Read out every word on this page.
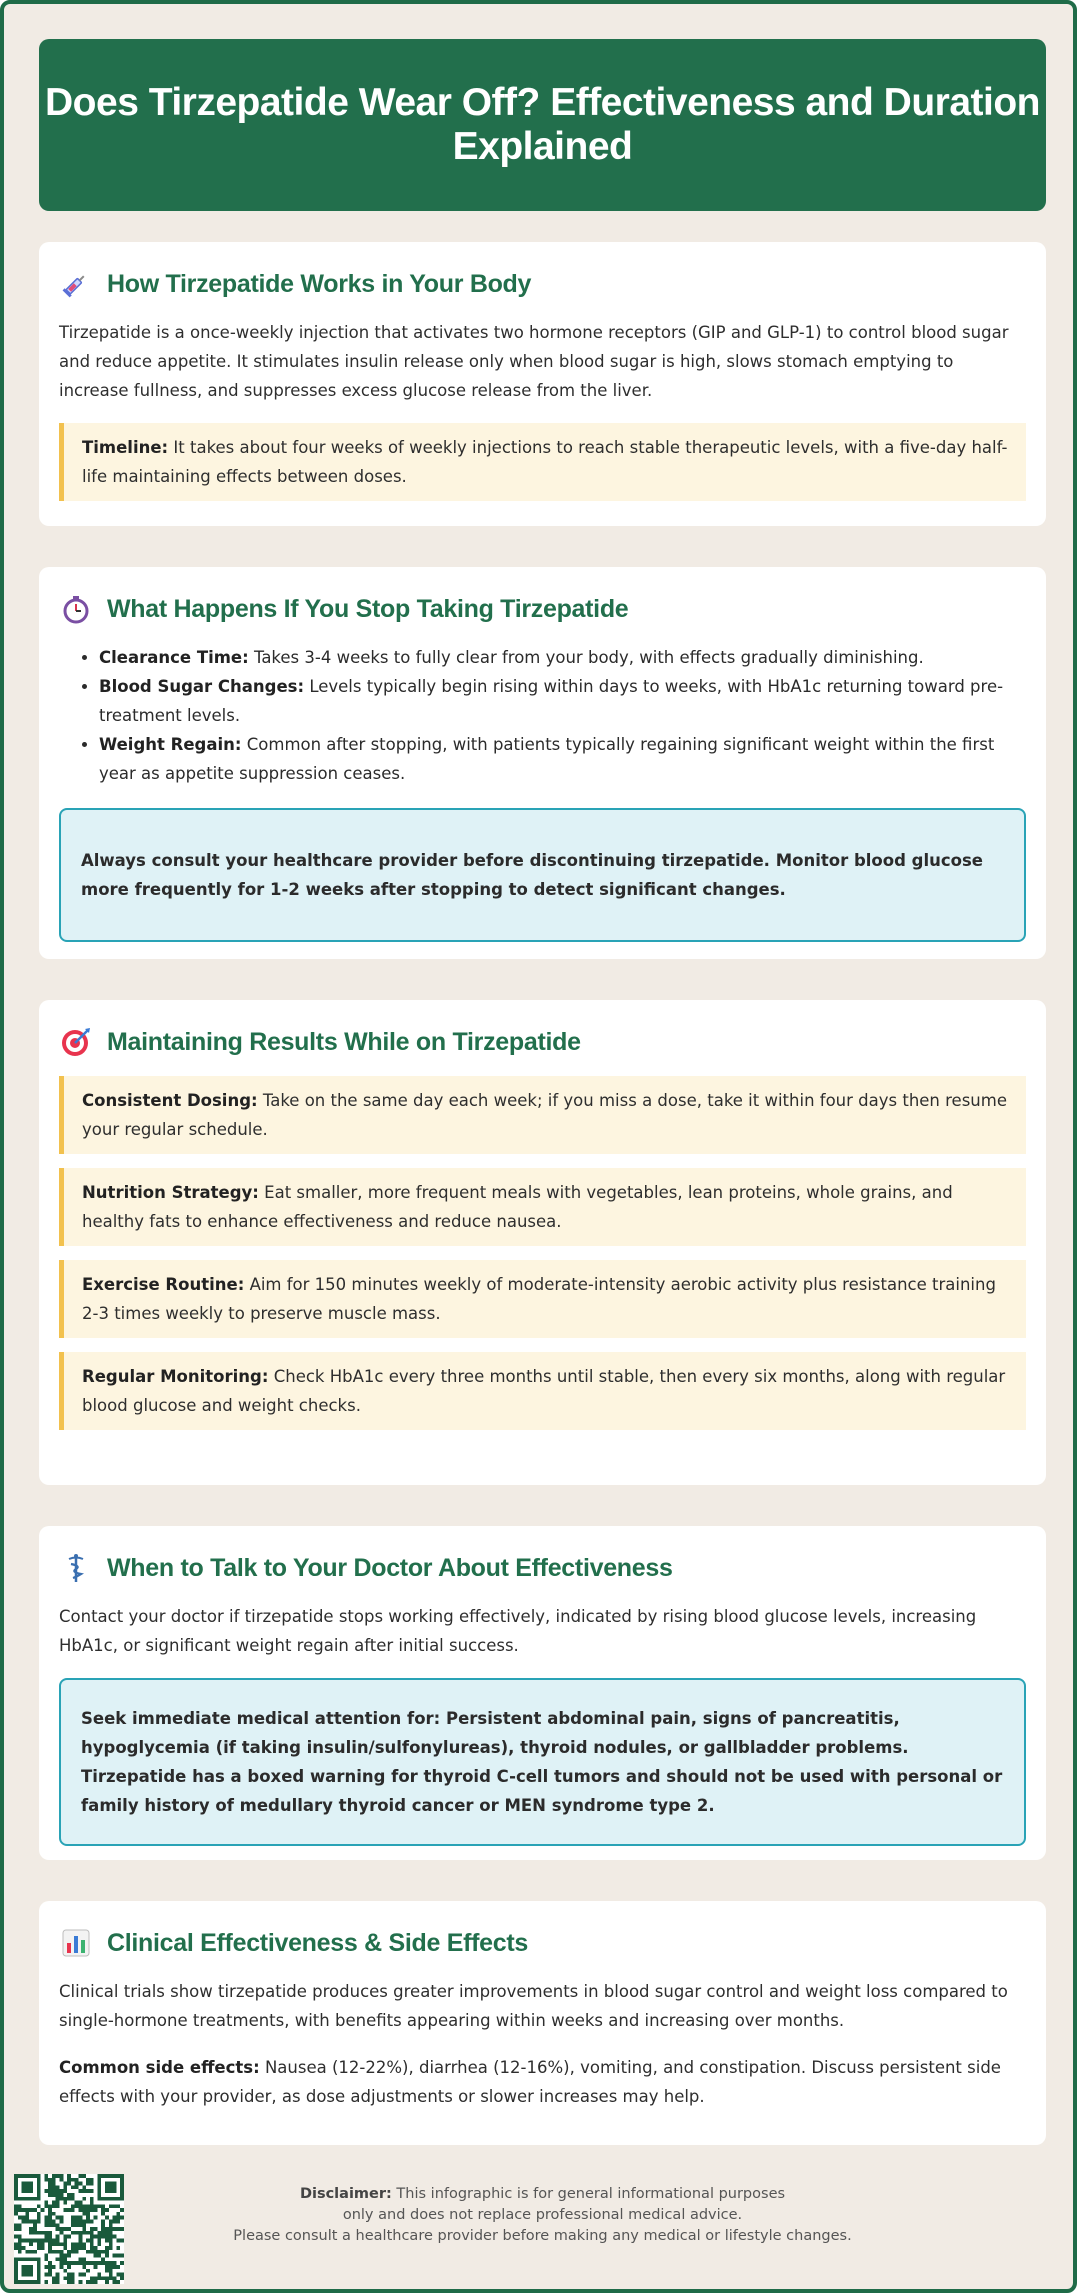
Does Tirzepatide Wear Off? Effectiveness and Duration Explained
How Tirzepatide Works in Your Body

Tirzepatide is a once-weekly injection that activates two hormone receptors (GIP and GLP-1) to control blood sugar and reduce appetite. It stimulates insulin release only when blood sugar is high, slows stomach emptying to increase fullness, and suppresses excess glucose release from the liver.

Timeline: It takes about four weeks of weekly injections to reach stable therapeutic levels, with a five-day half-life maintaining effects between doses.
What Happens If You Stop Taking Tirzepatide
• Clearance Time: Takes 3-4 weeks to fully clear from your body, with effects gradually diminishing.
• Blood Sugar Changes: Levels typically begin rising within days to weeks, with HbA1c returning toward pre-treatment levels.
• Weight Regain: Common after stopping, with patients typically regaining significant weight within the first year as appetite suppression ceases.
Always consult your healthcare provider before discontinuing tirzepatide. Monitor blood glucose more frequently for 1-2 weeks after stopping to detect significant changes.
Maintaining Results While on Tirzepatide
Consistent Dosing: Take on the same day each week; if you miss a dose, take it within four days then resume your regular schedule.
Nutrition Strategy: Eat smaller, more frequent meals with vegetables, lean proteins, whole grains, and healthy fats to enhance effectiveness and reduce nausea.
Exercise Routine: Aim for 150 minutes weekly of moderate-intensity aerobic activity plus resistance training 2-3 times weekly to preserve muscle mass.
Regular Monitoring: Check HbA1c every three months until stable, then every six months, along with regular blood glucose and weight checks.
When to Talk to Your Doctor About Effectiveness

Contact your doctor if tirzepatide stops working effectively, indicated by rising blood glucose levels, increasing HbA1c, or significant weight regain after initial success.

Seek immediate medical attention for: Persistent abdominal pain, signs of pancreatitis, hypoglycemia (if taking insulin/sulfonylureas), thyroid nodules, or gallbladder problems. Tirzepatide has a boxed warning for thyroid C-cell tumors and should not be used with personal or family history of medullary thyroid cancer or MEN syndrome type 2.
Clinical Effectiveness & Side Effects

Clinical trials show tirzepatide produces greater improvements in blood sugar control and weight loss compared to single-hormone treatments, with benefits appearing within weeks and increasing over months.

Common side effects: Nausea (12-22%), diarrhea (12-16%), vomiting, and constipation. Discuss persistent side effects with your provider, as dose adjustments or slower increases may help.

Disclaimer: This infographic is for general informational purposes
only and does not replace professional medical advice.
Please consult a healthcare provider before making any medical or lifestyle changes.
